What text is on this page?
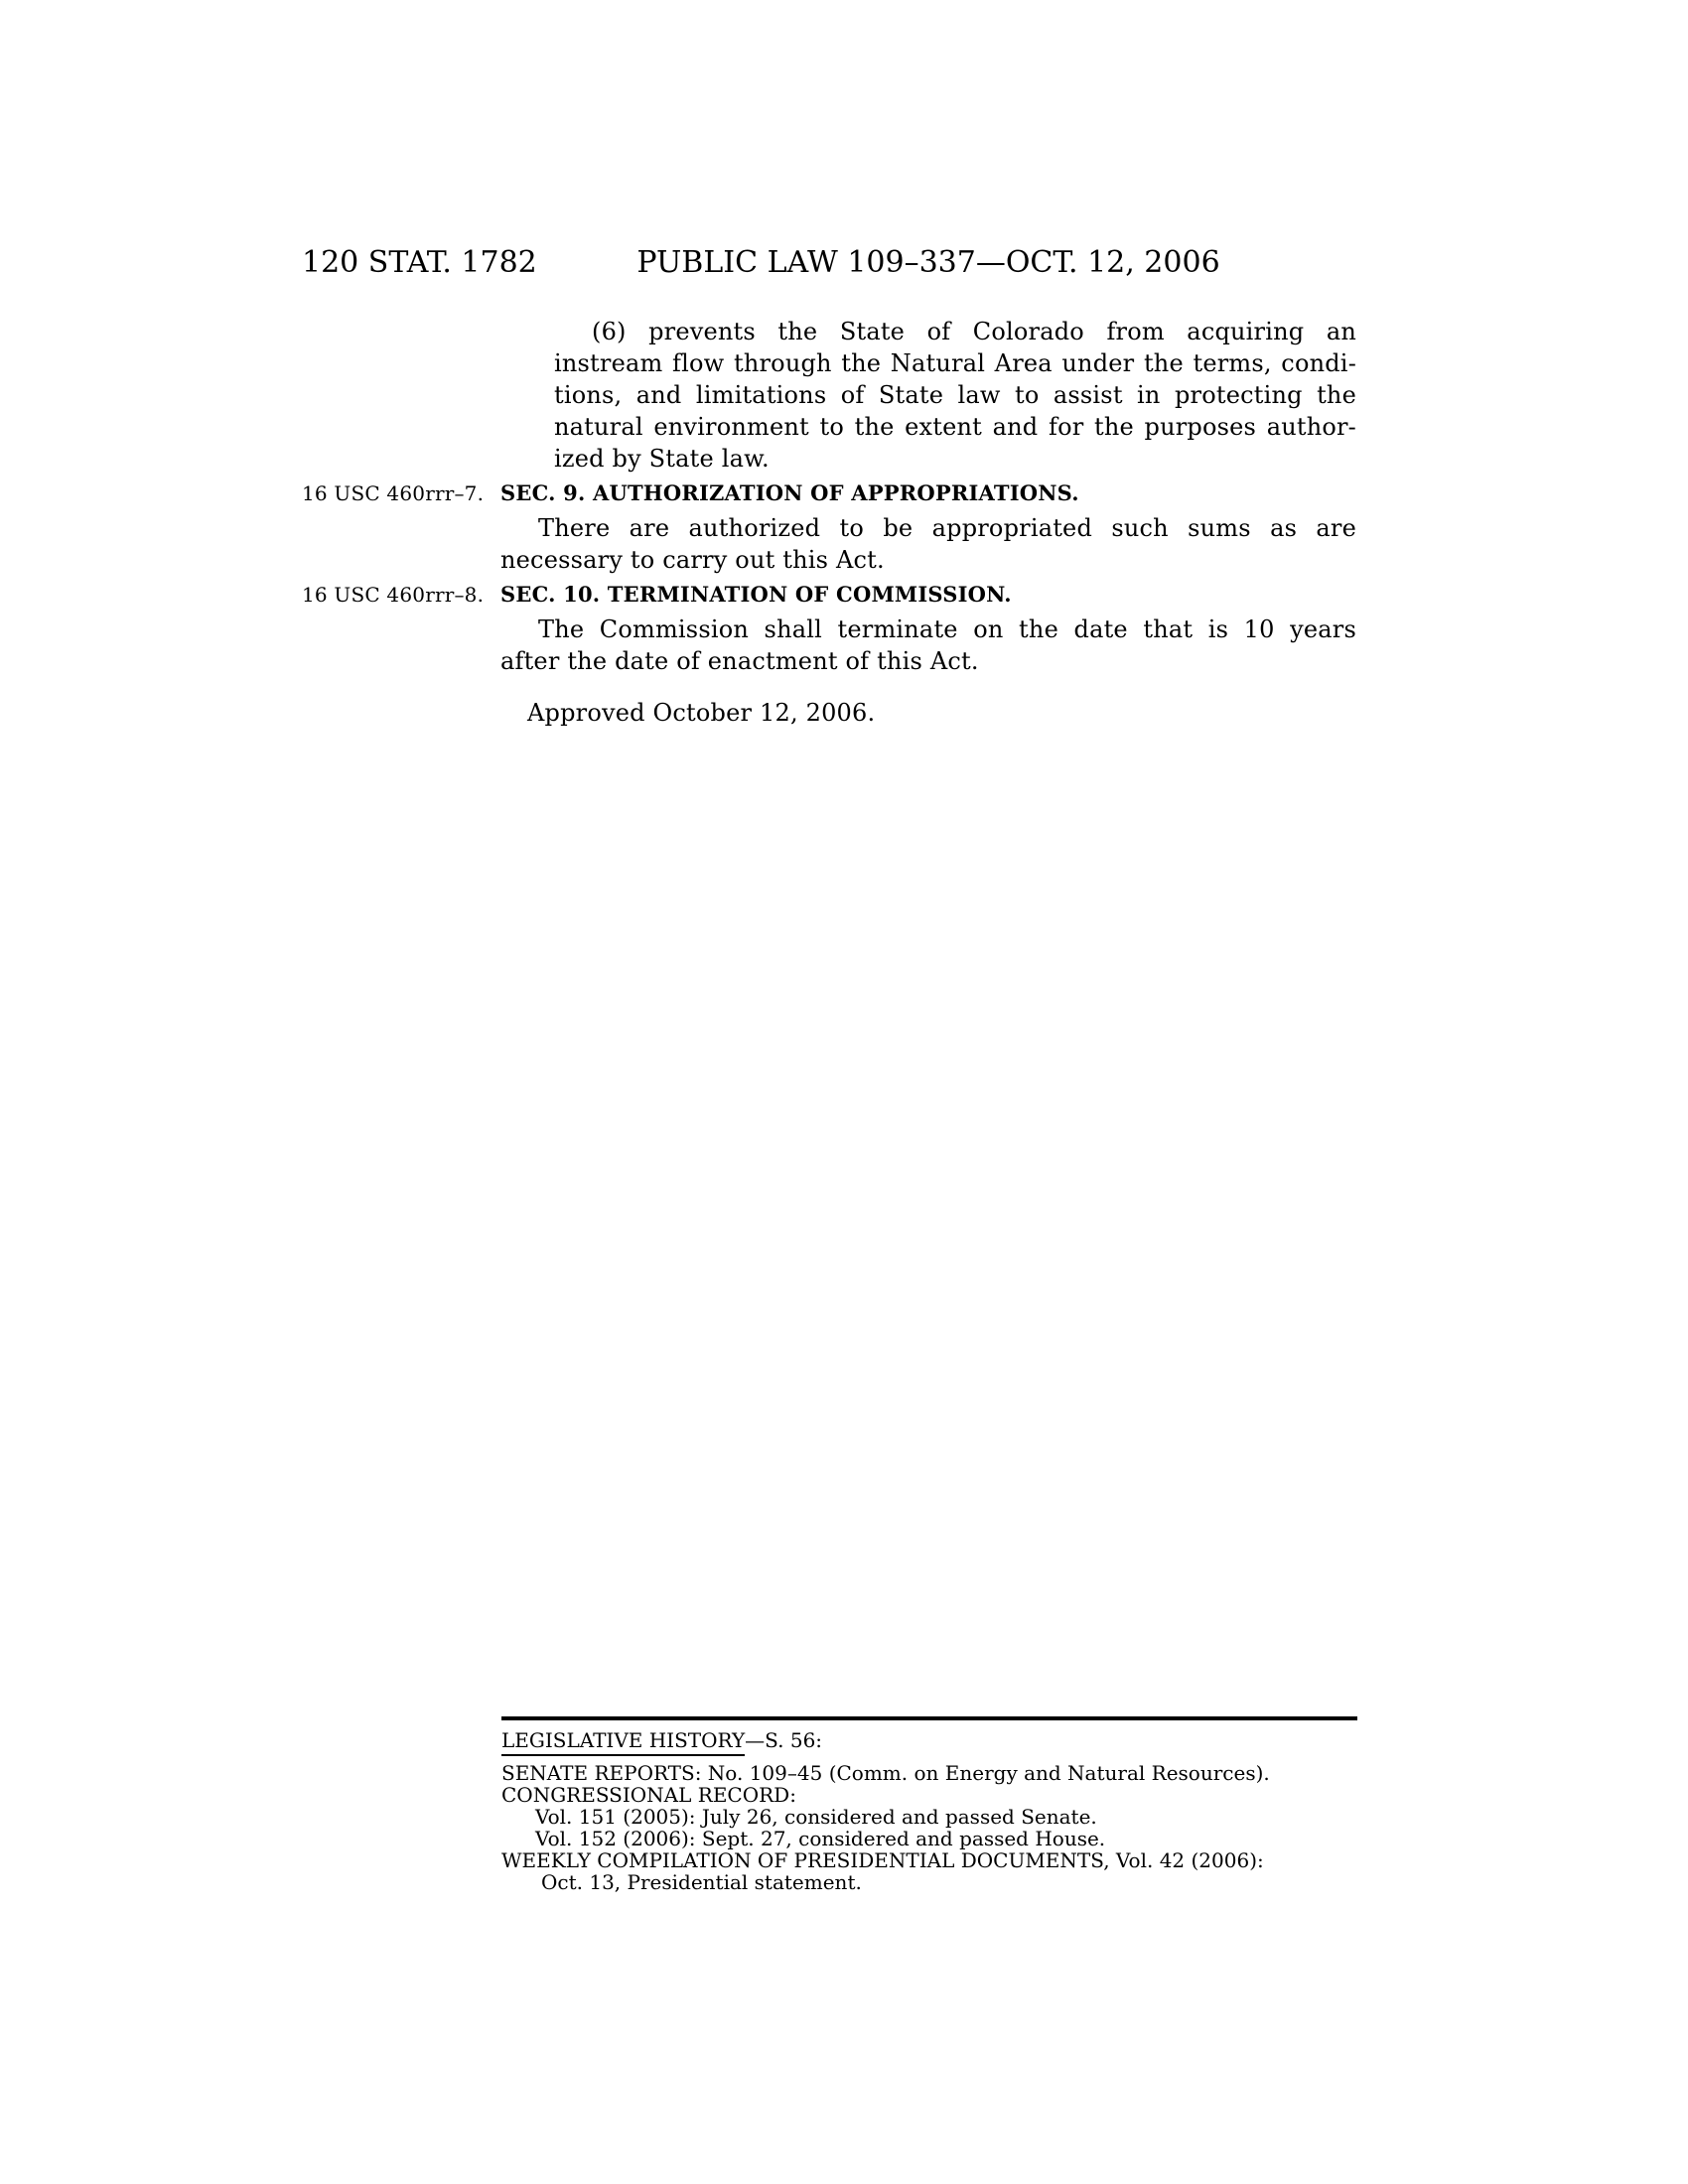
120 STAT. 1782	PUBLIC LAW 109–337—OCT. 12, 2006
(6) prevents the State of Colorado from acquiring an
instream flow through the Natural Area under the terms, condi-
tions, and limitations of State law to assist in protecting the
natural environment to the extent and for the purposes author-
ized by State law.
16 USC 460rrr–7. SEC. 9. AUTHORIZATION OF APPROPRIATIONS.
There are authorized to be appropriated such sums as are
necessary to carry out this Act.
16 USC 460rrr–8. SEC. 10. TERMINATION OF COMMISSION.
The Commission shall terminate on the date that is 10 years
after the date of enactment of this Act.
Approved October 12, 2006.
LEGISLATIVE HISTORY—S. 56:
SENATE REPORTS: No. 109–45 (Comm. on Energy and Natural Resources).
CONGRESSIONAL RECORD:
Vol. 151 (2005): July 26, considered and passed Senate.
Vol. 152 (2006): Sept. 27, considered and passed House.
WEEKLY COMPILATION OF PRESIDENTIAL DOCUMENTS, Vol. 42 (2006):
Oct. 13, Presidential statement.
